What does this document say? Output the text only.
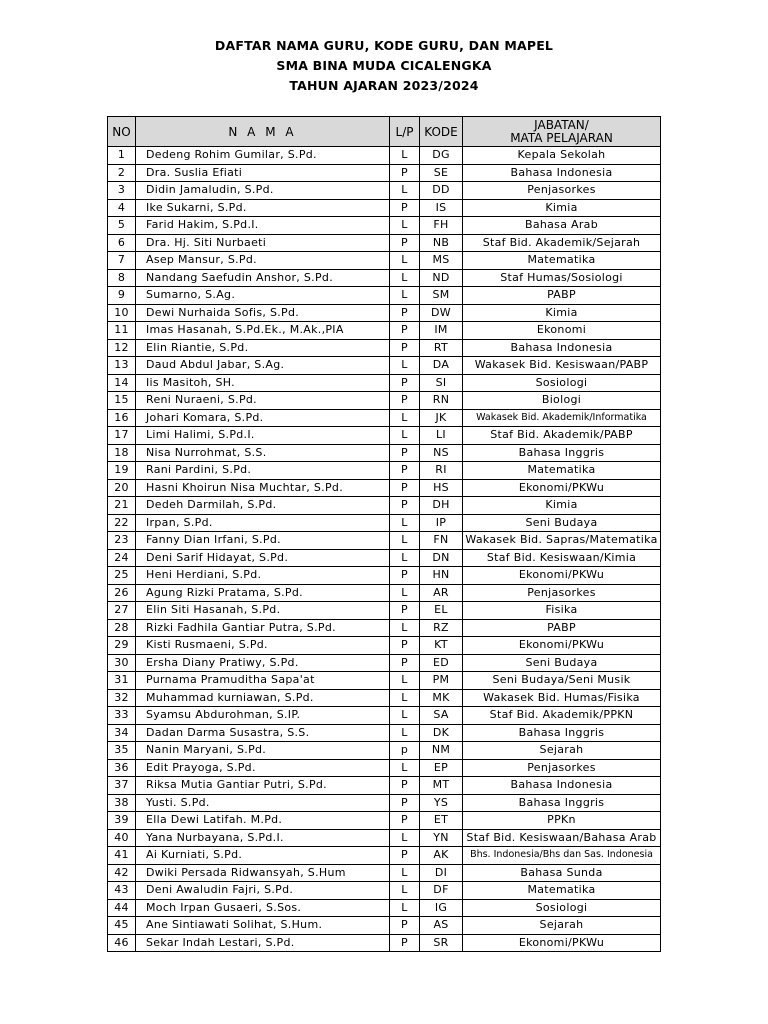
DAFTAR NAMA GURU, KODE GURU, DAN MAPEL
SMA BINA MUDA CICALENGKA
TAHUN AJARAN 2023/2024
NO	N A M A	L/P	KODE	JABATAN/
MATA PELAJARAN

1	Dedeng Rohim Gumilar, S.Pd.	L	DG	Kepala Sekolah
2	Dra. Suslia Efiati	P	SE	Bahasa Indonesia
3	Didin Jamaludin, S.Pd.	L	DD	Penjasorkes
4	Ike Sukarni, S.Pd.	P	IS	Kimia
5	Farid Hakim, S.Pd.I.	L	FH	Bahasa Arab
6	Dra. Hj. Siti Nurbaeti	P	NB	Staf Bid. Akademik/Sejarah
7	Asep Mansur, S.Pd.	L	MS	Matematika
8	Nandang Saefudin Anshor, S.Pd.	L	ND	Staf Humas/Sosiologi
9	Sumarno, S.Ag.	L	SM	PABP
10	Dewi Nurhaida Sofis, S.Pd.	P	DW	Kimia
11	Imas Hasanah, S.Pd.Ek., M.Ak.,PIA	P	IM	Ekonomi
12	Elin Riantie, S.Pd.	P	RT	Bahasa Indonesia
13	Daud Abdul Jabar, S.Ag.	L	DA	Wakasek Bid. Kesiswaan/PABP
14	Iis Masitoh, SH.	P	SI	Sosiologi
15	Reni Nuraeni, S.Pd.	P	RN	Biologi
16	Johari Komara, S.Pd.	L	JK	Wakasek Bid. Akademik/Informatika
17	Limi Halimi, S.Pd.I.	L	LI	Staf Bid. Akademik/PABP
18	Nisa Nurrohmat, S.S.	P	NS	Bahasa Inggris
19	Rani Pardini, S.Pd.	P	RI	Matematika
20	Hasni Khoirun Nisa Muchtar, S.Pd.	P	HS	Ekonomi/PKWu
21	Dedeh Darmilah, S.Pd.	P	DH	Kimia
22	Irpan, S.Pd.	L	IP	Seni Budaya
23	Fanny Dian Irfani, S.Pd.	L	FN	Wakasek Bid. Sapras/Matematika
24	Deni Sarif Hidayat, S.Pd.	L	DN	Staf Bid. Kesiswaan/Kimia
25	Heni Herdiani, S.Pd.	P	HN	Ekonomi/PKWu
26	Agung Rizki Pratama, S.Pd.	L	AR	Penjasorkes
27	Elin Siti Hasanah, S.Pd.	P	EL	Fisika
28	Rizki Fadhila Gantiar Putra, S.Pd.	L	RZ	PABP
29	Kisti Rusmaeni, S.Pd.	P	KT	Ekonomi/PKWu
30	Ersha Diany Pratiwy, S.Pd.	P	ED	Seni Budaya
31	Purnama Pramuditha Sapa'at	L	PM	Seni Budaya/Seni Musik
32	Muhammad kurniawan, S.Pd.	L	MK	Wakasek Bid. Humas/Fisika
33	Syamsu Abdurohman, S.IP.	L	SA	Staf Bid. Akademik/PPKN
34	Dadan Darma Susastra, S.S.	L	DK	Bahasa Inggris
35	Nanin Maryani, S.Pd.	p	NM	Sejarah
36	Edit Prayoga, S.Pd.	L	EP	Penjasorkes
37	Riksa Mutia Gantiar Putri, S.Pd.	P	MT	Bahasa Indonesia
38	Yusti. S.Pd.	P	YS	Bahasa Inggris
39	Ella Dewi Latifah. M.Pd.	P	ET	PPKn
40	Yana Nurbayana, S.Pd.I.	L	YN	Staf Bid. Kesiswaan/Bahasa Arab
41	Ai Kurniati, S.Pd.	P	AK	Bhs. Indonesia/Bhs dan Sas. Indonesia
42	Dwiki Persada Ridwansyah, S.Hum	L	DI	Bahasa Sunda
43	Deni Awaludin Fajri, S.Pd.	L	DF	Matematika
44	Moch Irpan Gusaeri, S.Sos.	L	IG	Sosiologi
45	Ane Sintiawati Solihat, S.Hum.	P	AS	Sejarah
46	Sekar Indah Lestari, S.Pd.	P	SR	Ekonomi/PKWu
